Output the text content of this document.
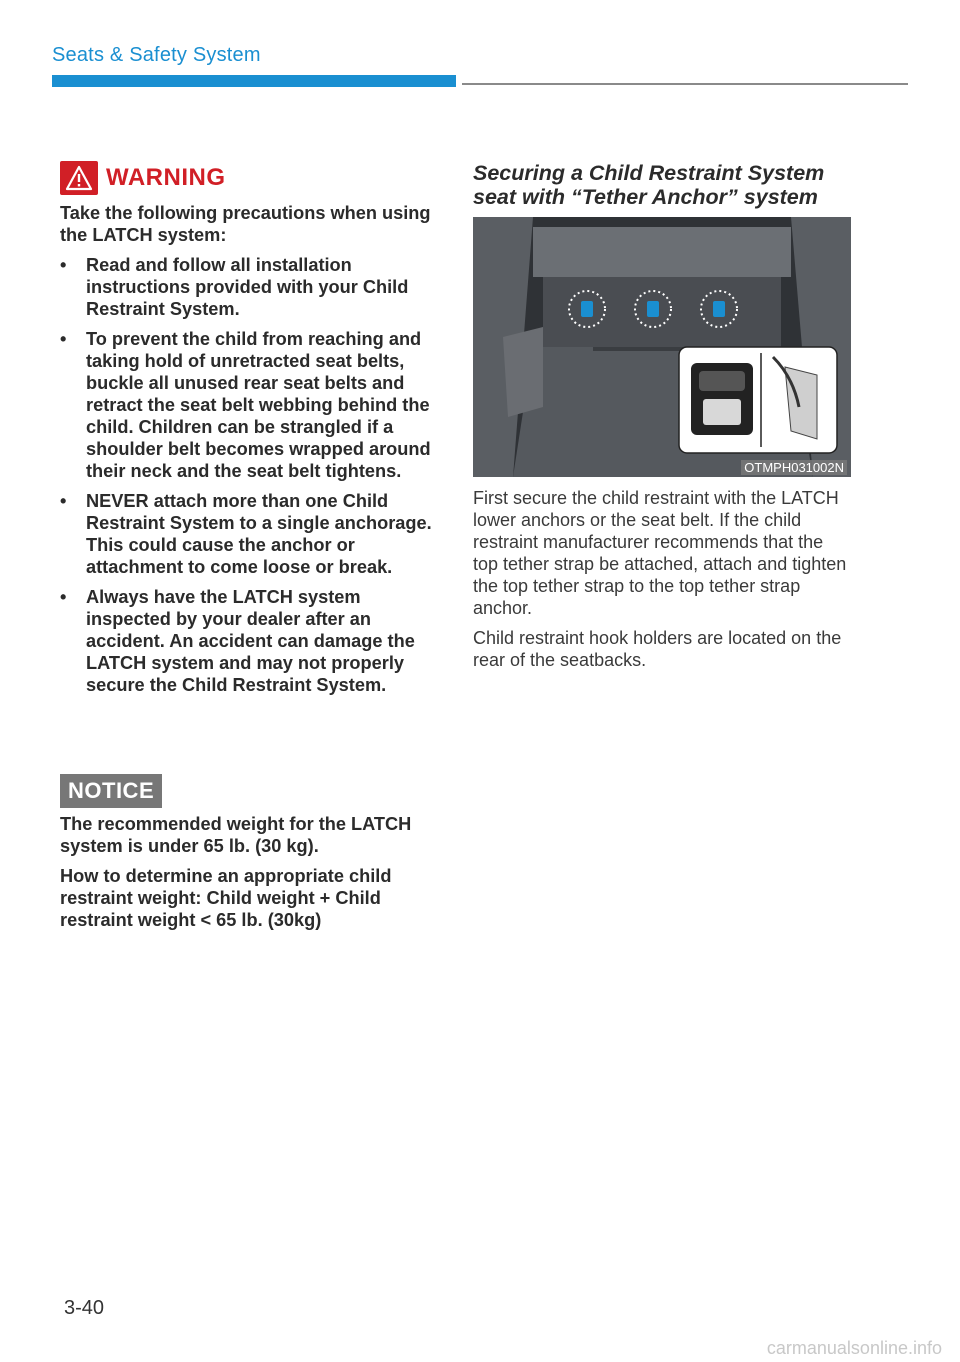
Seats & Safety System
WARNING
Take the following precautions when using the LATCH system:
• Read and follow all installation instructions provided with your Child Restraint System.
• To prevent the child from reaching and taking hold of unretracted seat belts, buckle all unused rear seat belts and retract the seat belt webbing behind the child. Children can be strangled if a shoulder belt becomes wrapped around their neck and the seat belt tightens.
• NEVER attach more than one Child Restraint System to a single anchorage. This could cause the anchor or attachment to come loose or break.
• Always have the LATCH system inspected by your dealer after an accident. An accident can damage the LATCH system and may not properly secure the Child Restraint System.
NOTICE

The recommended weight for the LATCH system is under 65 lb. (30 kg).

How to determine an appropriate child restraint weight: Child weight + Child restraint weight < 65 lb. (30kg)

Securing a Child Restraint System seat with “Tether Anchor” system
OTMPH031002N

First secure the child restraint with the LATCH lower anchors or the seat belt. If the child restraint manufacturer recommends that the top tether strap be attached, attach and tighten the top tether strap to the top tether strap anchor.

Child restraint hook holders are located on the rear of the seatbacks.

3-40
carmanualsonline.info
